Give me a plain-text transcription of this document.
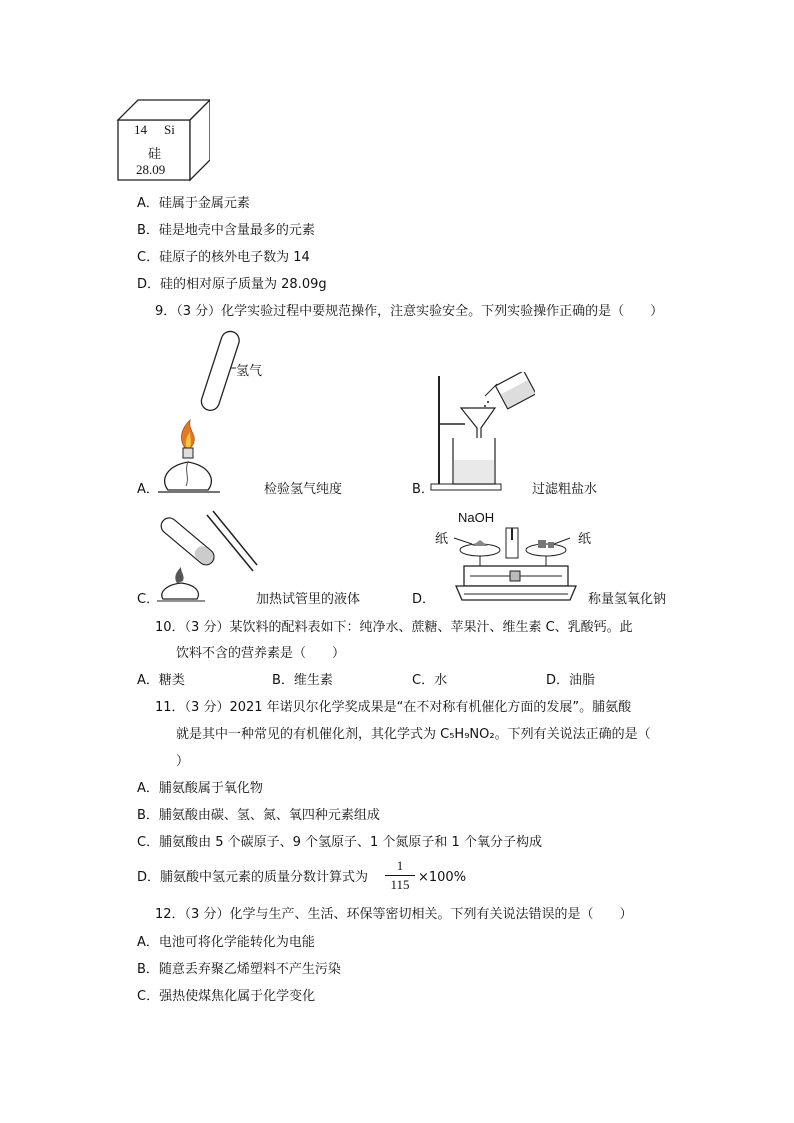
14 Si
硅
28.09
A．硅属于金属元素
B．硅是地壳中含量最多的元素
C．硅原子的核外电子数为 14
D．硅的相对原子质量为 28.09g
9．（3 分）化学实验过程中要规范操作，注意实验安全。下列实验操作正确的是（　　）
氢气
A．	检验氢气纯度	B．	过滤粗盐水
C．	加热试管里的液体
NaOH
纸	纸
D．	称量氢氧化钠
10．（3 分）某饮料的配料表如下：纯净水、蔗糖、苹果汁、维生素 C、乳酸钙。此
饮料不含的营养素是（　　）
A．糖类	B．维生素	C．水	D．油脂
11．（3 分）2021 年诺贝尔化学奖成果是“在不对称有机催化方面的发展”。脯氨酸
就是其中一种常见的有机催化剂，其化学式为 C₅H₉NO₂。下列有关说法正确的是（
）
A．脯氨酸属于氧化物
B．脯氨酸由碳、氢、氮、氧四种元素组成
C．脯氨酸由 5 个碳原子、9 个氢原子、1 个氮原子和 1 个氧分子构成
D．脯氨酸中氢元素的质量分数计算式为
1
115 ×100%
12．（3 分）化学与生产、生活、环保等密切相关。下列有关说法错误的是（　　）
A．电池可将化学能转化为电能
B．随意丢弃聚乙烯塑料不产生污染
C．强热使煤焦化属于化学变化
